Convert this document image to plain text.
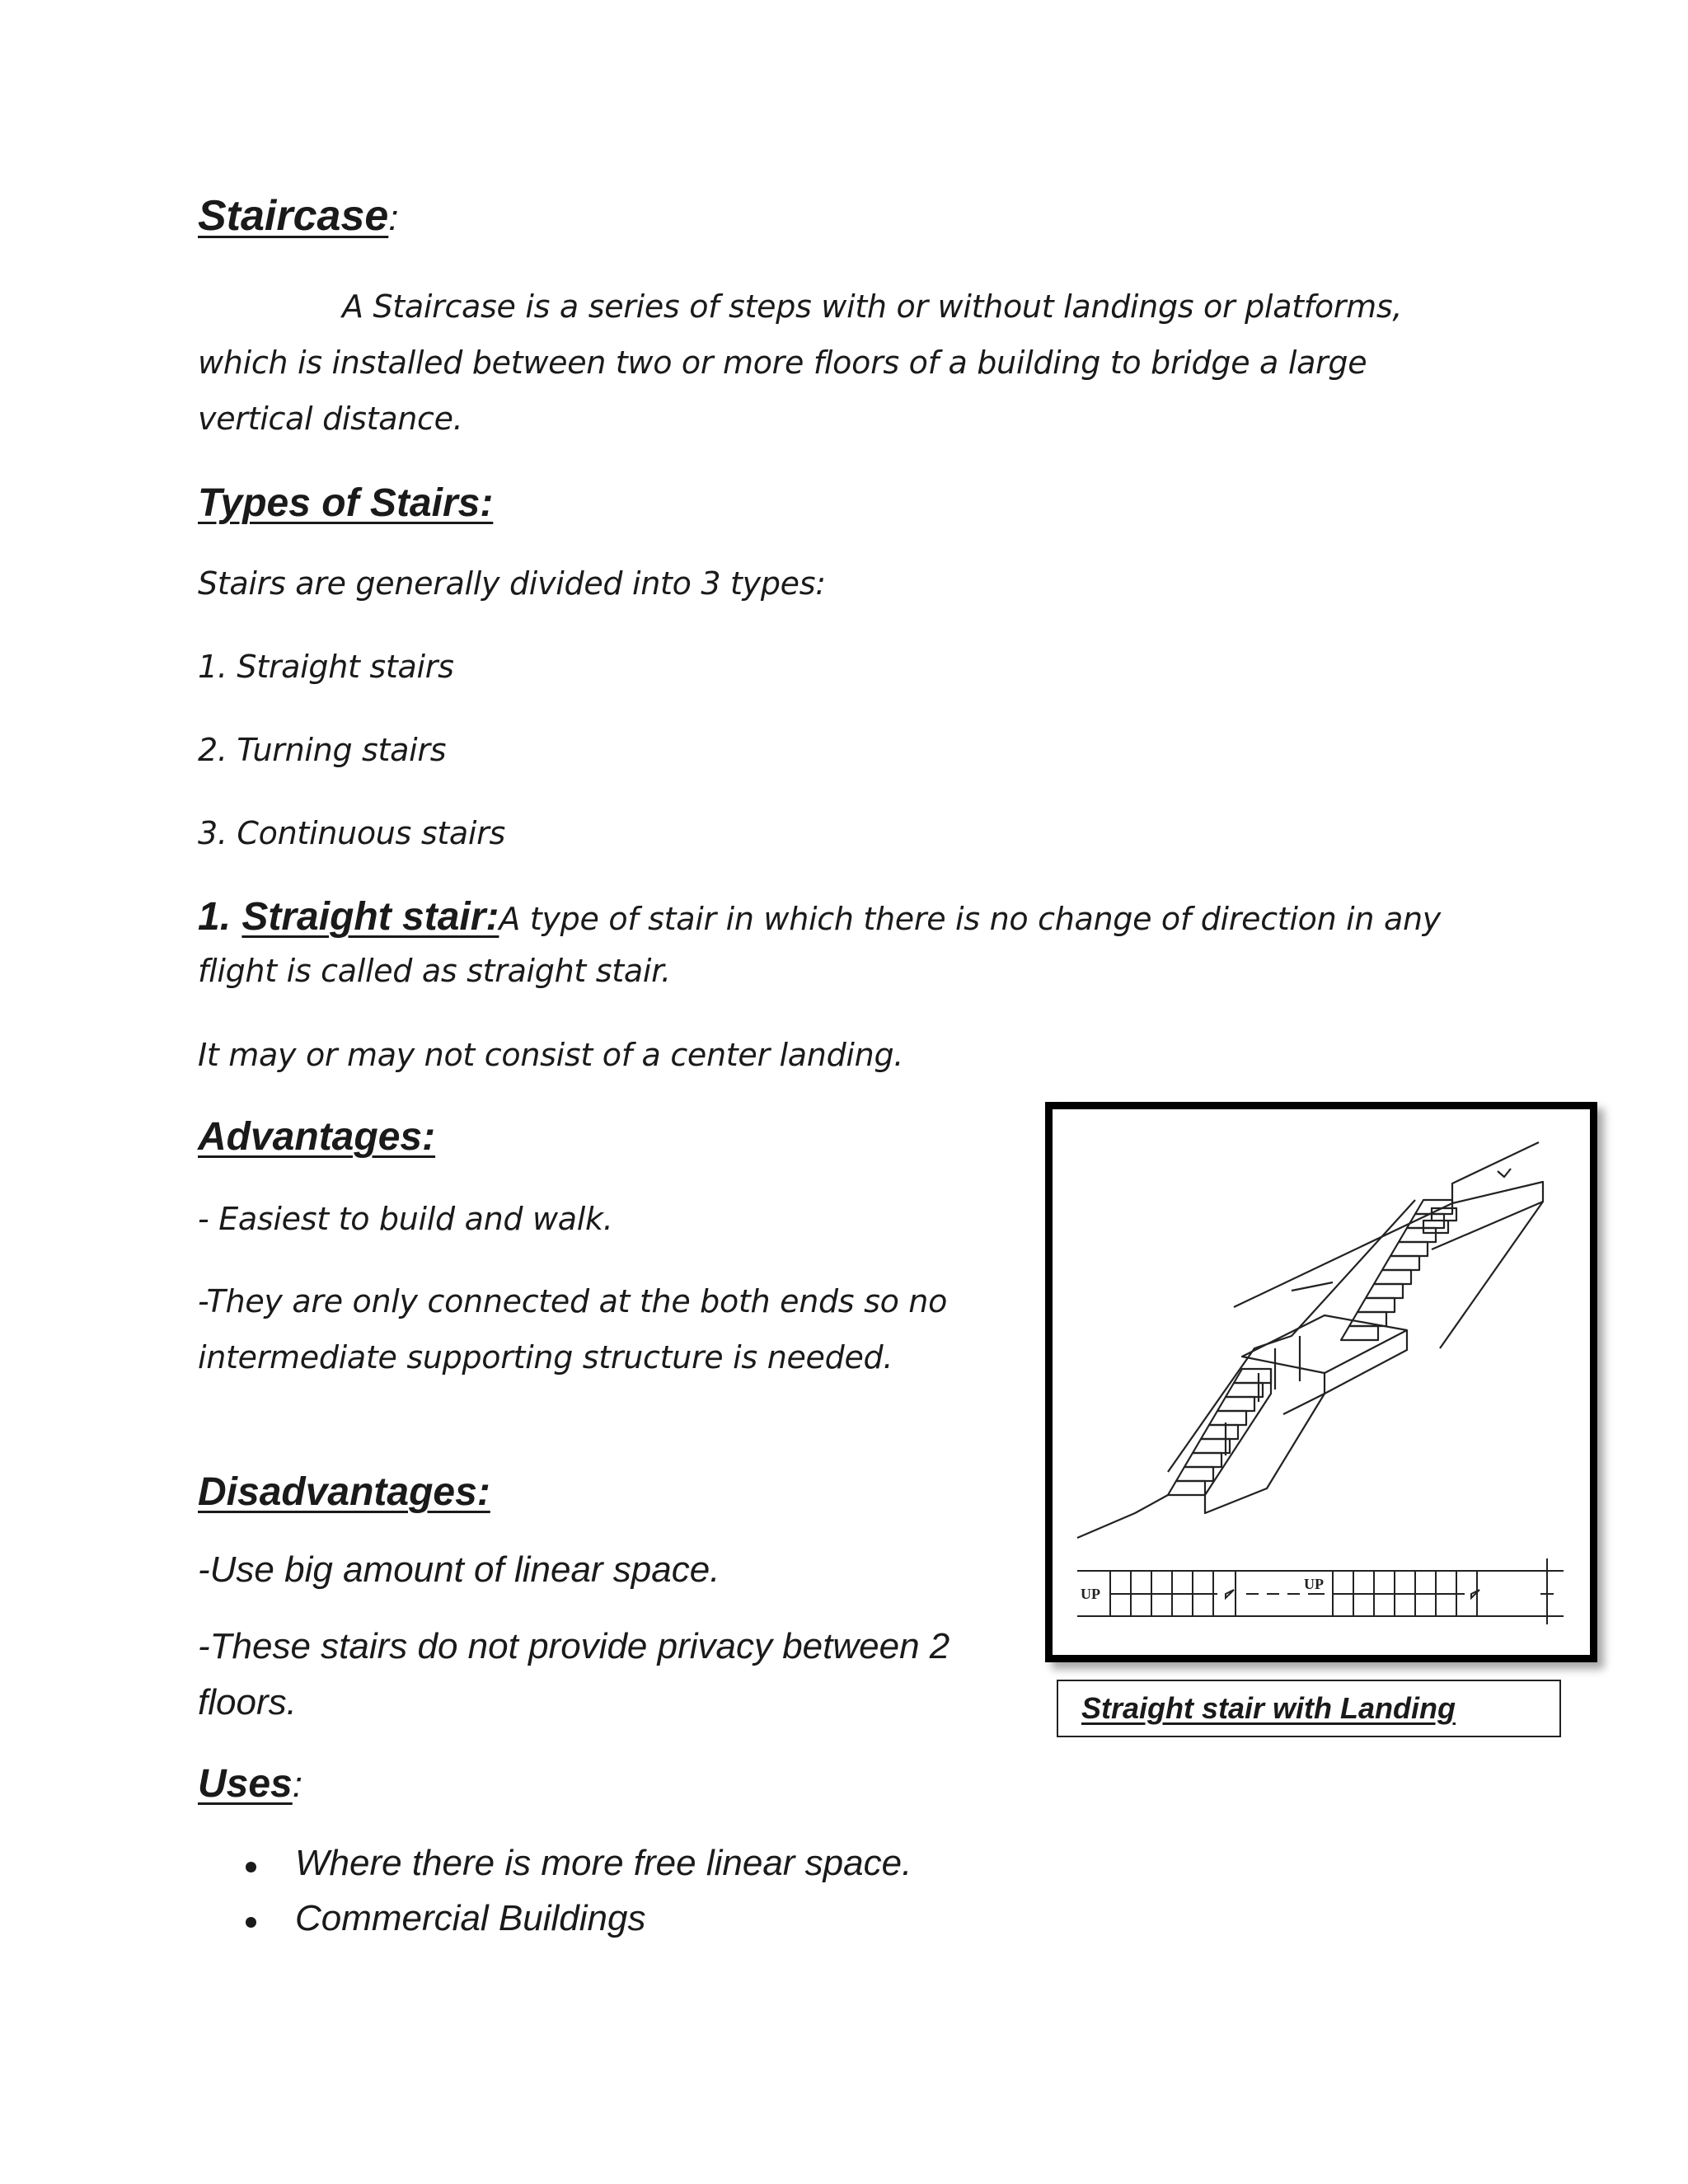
Staircase:
A Staircase is a series of steps with or without landings or platforms,
which is installed between two or more floors of a building to bridge a large
vertical distance.
Types of Stairs:
Stairs are generally divided into 3 types:
1. Straight stairs
2. Turning stairs
3. Continuous stairs
1. Straight stair:A type of stair in which there is no change of direction in any
flight is called as straight stair.
It may or may not consist of a center landing.
Advantages:
- Easiest to build and walk.
-They are only connected at the both ends so no
intermediate supporting structure is needed.
Disadvantages:
-Use big amount of linear space.
-These stairs do not provide privacy between 2
floors.
Uses:
Where there is more free linear space.
Commercial Buildings
UP
UP
Straight stair with Landing
